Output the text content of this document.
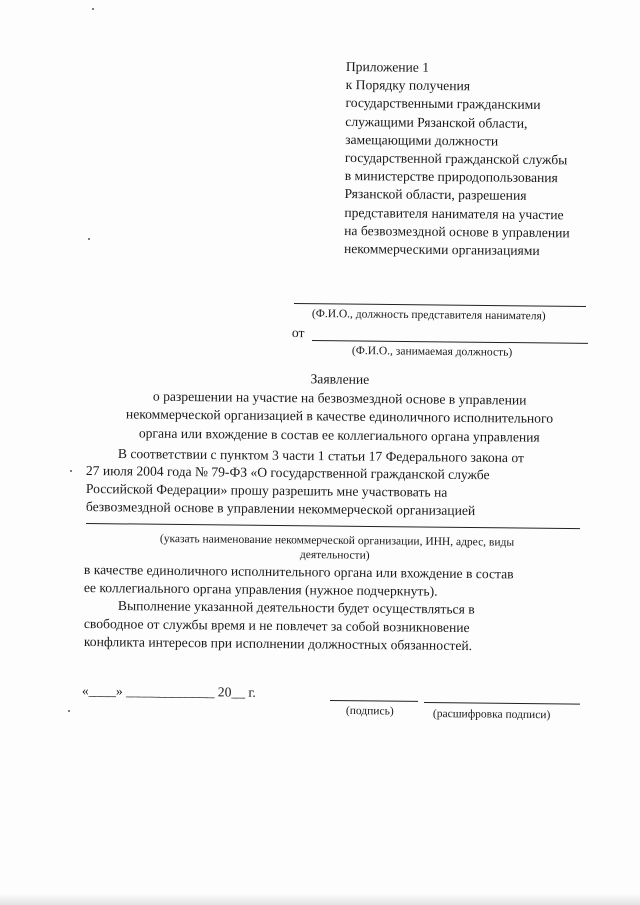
Приложение 1
к Порядку получения
государственными гражданскими
служащими Рязанской области,
замещающими должности
государственной гражданской службы
в министерстве природопользования
Рязанской области, разрешения
представителя нанимателя на участие
на безвозмездной основе в управлении
некоммерческими организациями
(Ф.И.О., должность представителя нанимателя)
от
(Ф.И.О., занимаемая должность)
Заявление
о разрешении на участие на безвозмездной основе в управлении
некоммерческой организацией в качестве единоличного исполнительного
органа или вхождение в состав ее коллегиального органа управления
В соответствии с пунктом 3 части 1 статьи 17 Федерального закона от
27 июля 2004 года № 79-ФЗ «О государственной гражданской службе
Российской Федерации» прошу разрешить мне участвовать на
безвозмездной основе в управлении некоммерческой организацией
(указать наименование некоммерческой организации, ИНН, адрес, виды
деятельности)
в качестве единоличного исполнительного органа или вхождение в состав
ее коллегиального органа управления (нужное подчеркнуть).
Выполнение указанной деятельности будет осуществляться в
свободное от службы время и не повлечет за собой возникновение
конфликта интересов при исполнении должностных обязанностей.
«____» _____________ 20__ г.
(подпись)	(расшифровка подписи)
